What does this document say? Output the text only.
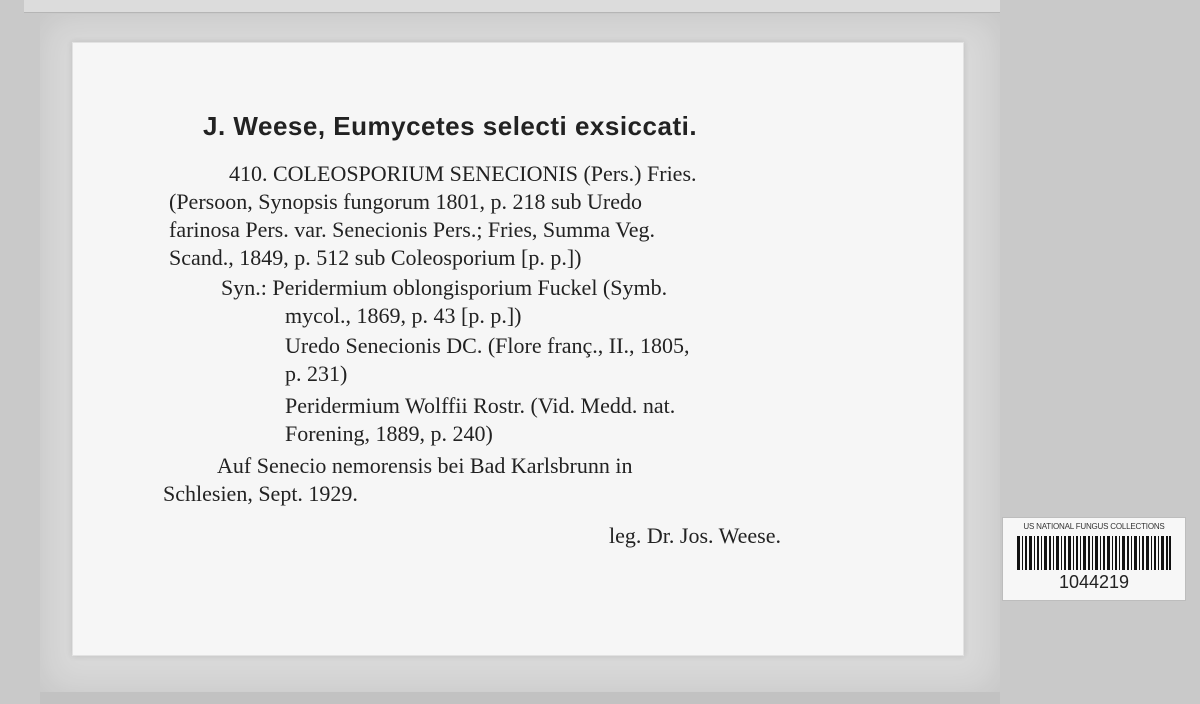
J. Weese, Eumycetes selecti exsiccati.
410. COLEOSPORIUM SENECIONIS (Pers.) Fries.
(Persoon, Synopsis fungorum 1801, p. 218 sub Uredo
farinosa Pers. var. Senecionis Pers.; Fries, Summa Veg.
Scand., 1849, p. 512 sub Coleosporium [p. p.])
Syn.: Peridermium oblongisporium Fuckel (Symb.
mycol., 1869, p. 43 [p. p.])
Uredo Senecionis DC. (Flore franç., II., 1805,
p. 231)
Peridermium Wolffii Rostr. (Vid. Medd. nat.
Forening, 1889, p. 240)
Auf Senecio nemorensis bei Bad Karlsbrunn in
Schlesien, Sept. 1929.
leg. Dr. Jos. Weese.	US NATIONAL FUNGUS COLLECTIONS
1044219
